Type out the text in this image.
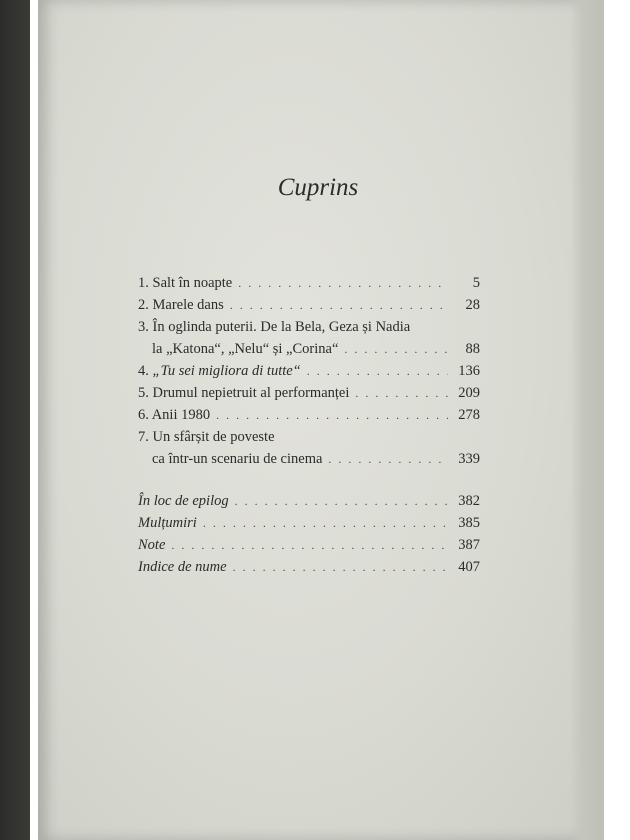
Cuprins
1. Salt în noapte . . .	5
2. Marele dans . . .	28
3. În oglinda puterii. De la Bela, Geza și Nadia
la „Katona“, „Nelu“ și „Corina“ . . .	88
4. „Tu sei migliora di tutte“ . . .	136
5. Drumul nepietruit al performanței . . .	209
6. Anii 1980 . . .	278
7. Un sfârșit de poveste
ca într-un scenariu de cinema . . .	339
În loc de epilog . . .	382
Mulțumiri . . .	385
Note . . .	387
Indice de nume . . .	407
